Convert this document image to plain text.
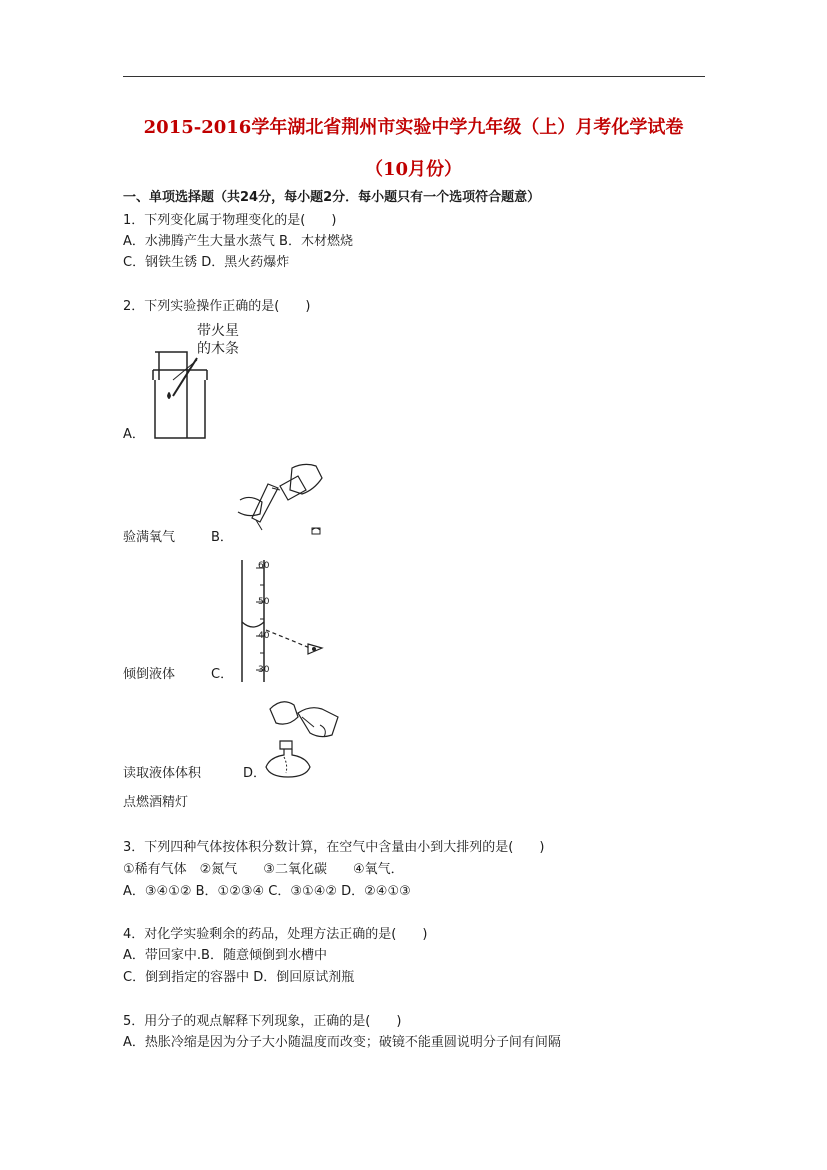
2015-2016学年湖北省荆州市实验中学九年级（上）月考化学试卷
（10月份）
一、单项选择题（共24分，每小题2分．每小题只有一个选项符合题意）
1．下列变化属于物理变化的是(　　)
A．水沸腾产生大量水蒸气 B．木材燃烧
C．钢铁生锈 D．黑火药爆炸
2．下列实验操作正确的是(　　)
带火星
的木条
A．
验满氧气	B．
60
50
40
30
倾倒液体	C．
读取液体体积	D．
点燃酒精灯
3．下列四种气体按体积分数计算，在空气中含量由小到大排列的是(　　)
①稀有气体　②氮气　　③二氧化碳　　④氧气．
A．③④①② B．①②③④ C．③①④② D．②④①③
4．对化学实验剩余的药品，处理方法正确的是(　　)
A．带回家中.B．随意倾倒到水槽中
C．倒到指定的容器中 D．倒回原试剂瓶
5．用分子的观点解释下列现象，正确的是(　　)
A．热胀冷缩是因为分子大小随温度而改变；破镜不能重圆说明分子间有间隔
